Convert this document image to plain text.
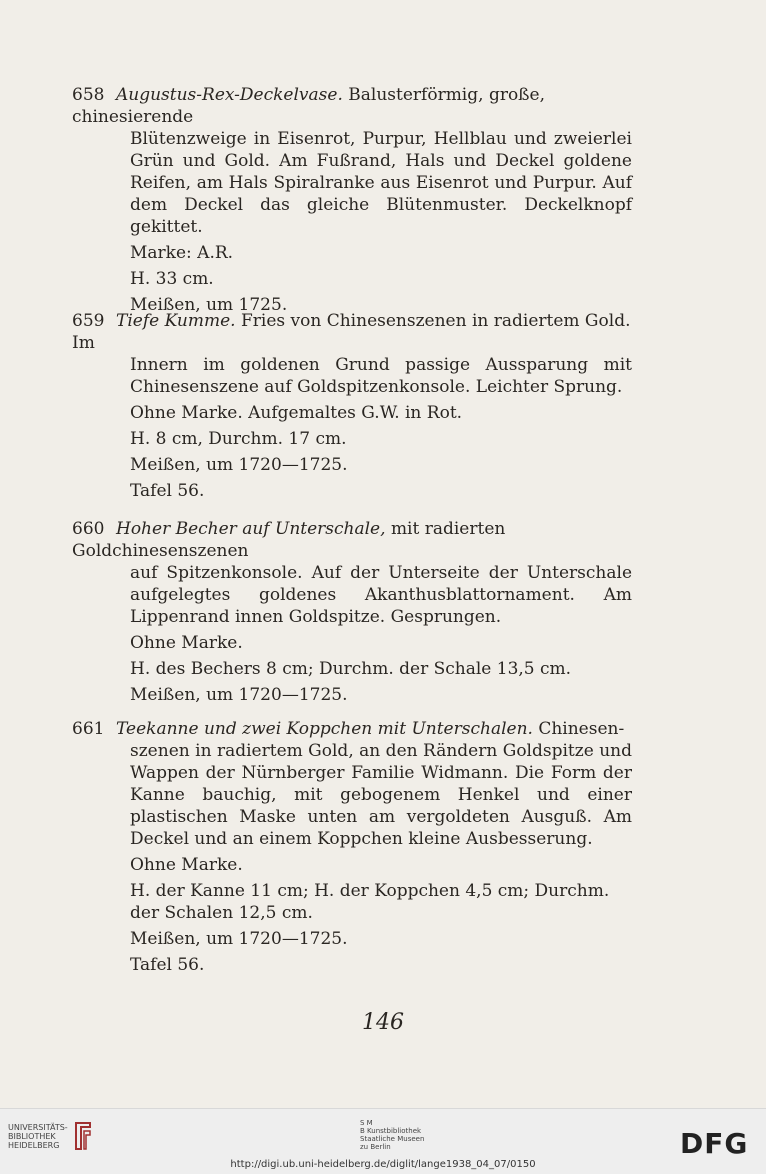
658 Augustus-Rex-Deckelvase. Balusterförmig, große, chinesierende
Blütenzweige in Eisenrot, Purpur, Hellblau und zweierlei Grün und Gold. Am Fußrand, Hals und Deckel goldene Reifen, am Hals Spiralranke aus Eisenrot und Purpur. Auf dem Deckel das gleiche Blütenmuster. Deckelknopf gekittet.
Marke: A.R.
H. 33 cm.
Meißen, um 1725.
659 Tiefe Kumme. Fries von Chinesenszenen in radiertem Gold. Im
Innern im goldenen Grund passige Aussparung mit Chinesenszene auf Goldspitzenkonsole. Leichter Sprung.
Ohne Marke. Aufgemaltes G.W. in Rot.
H. 8 cm, Durchm. 17 cm.
Meißen, um 1720—1725.
Tafel 56.
660 Hoher Becher auf Unterschale, mit radierten Goldchinesenszenen
auf Spitzenkonsole. Auf der Unterseite der Unterschale aufgelegtes goldenes Akanthusblattornament. Am Lippenrand innen Goldspitze. Gesprungen.
Ohne Marke.
H. des Bechers 8 cm; Durchm. der Schale 13,5 cm.
Meißen, um 1720—1725.
661 Teekanne und zwei Koppchen mit Unterschalen. Chinesen-
szenen in radiertem Gold, an den Rändern Goldspitze und Wappen der Nürnberger Familie Widmann. Die Form der Kanne bauchig, mit gebogenem Henkel und einer plastischen Maske unten am vergoldeten Ausguß. Am Deckel und an einem Koppchen kleine Ausbesserung.
Ohne Marke.
H. der Kanne 11 cm; H. der Koppchen 4,5 cm; Durchm. der Schalen 12,5 cm.
Meißen, um 1720—1725.
Tafel 56.
146
UNIVERSITÄTS-
BIBLIOTHEK
HEIDELBERG
S M
B Kunstbibliothek
Staatliche Museen
zu Berlin	DFG
http://digi.ub.uni-heidelberg.de/diglit/lange1938_04_07/0150
